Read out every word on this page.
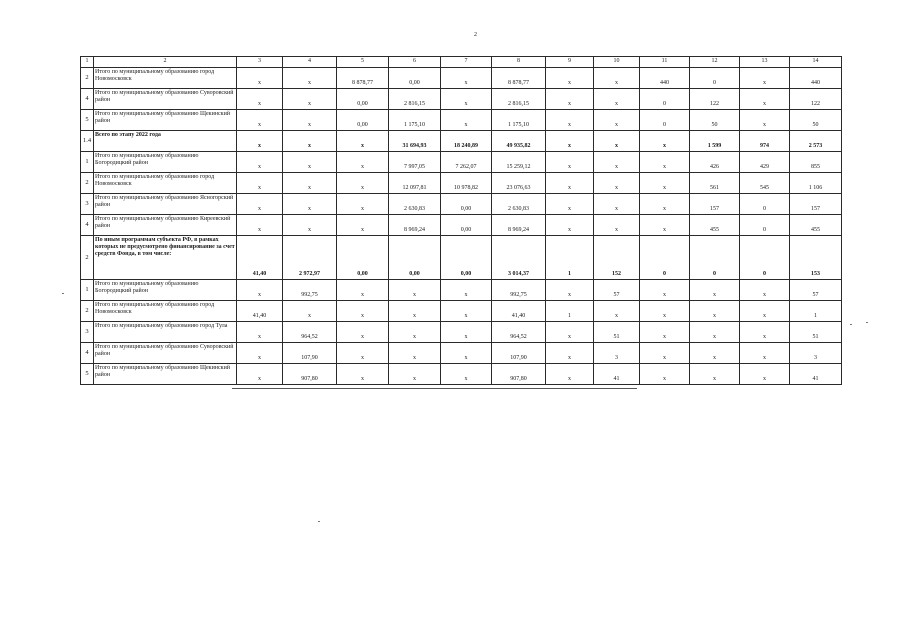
2
1	2	3	4	5	6	7	8	9	10	11	12	13	14
2	Итого по муниципальному образованию город Новомосковск	x	x	8 878,77	0,00	x	8 878,77	x	x	440	0	x	440
4	Итого по муниципальному образованию Суворовский район	x	x	0,00	2 816,15	x	2 816,15	x	x	0	122	x	122
5	Итого по муниципальному образованию Щекинский район	x	x	0,00	1 175,10	x	1 175,10	x	x	0	50	x	50
1.4	Всего по этапу 2022 года	x	x	x	31 694,93	18 240,89	49 935,82	x	x	x	1 599	974	2 573
1	Итого по муниципальному образованию Богородицкий район	x	x	x	7 997,05	7 262,07	15 259,12	x	x	x	426	429	855
2	Итого по муниципальному образованию город Новомосковск	x	x	x	12 097,81	10 978,82	23 076,63	x	x	x	561	545	1 106
3	Итого по муниципальному образованию Ясногорский район	x	x	x	2 630,83	0,00	2 630,83	x	x	x	157	0	157
4	Итого по муниципальному образованию Киреевский район	x	x	x	8 969,24	0,00	8 969,24	x	x	x	455	0	455
2	По иным программам субъекта РФ, в рамках которых не предусмотрено финансирование за счет средств Фонда, в том числе:	41,40	2 972,97	0,00	0,00	0,00	3 014,37	1	152	0	0	0	153
1	Итого по муниципальному образованию Богородицкий район	x	992,75	x	x	x	992,75	x	57	x	x	x	57
2	Итого по муниципальному образованию город Новомосковск	41,40	x	x	x	x	41,40	1	x	x	x	x	1
3	Итого по муниципальному образованию город Тула	x	964,52	x	x	x	964,52	x	51	x	x	x	51
4	Итого по муниципальному образованию Суворовский район	x	107,90	x	x	x	107,90	x	3	x	x	x	3
5	Итого по муниципальному образованию Щекинский район	x	907,80	x	x	x	907,80	x	41	x	x	x	41
